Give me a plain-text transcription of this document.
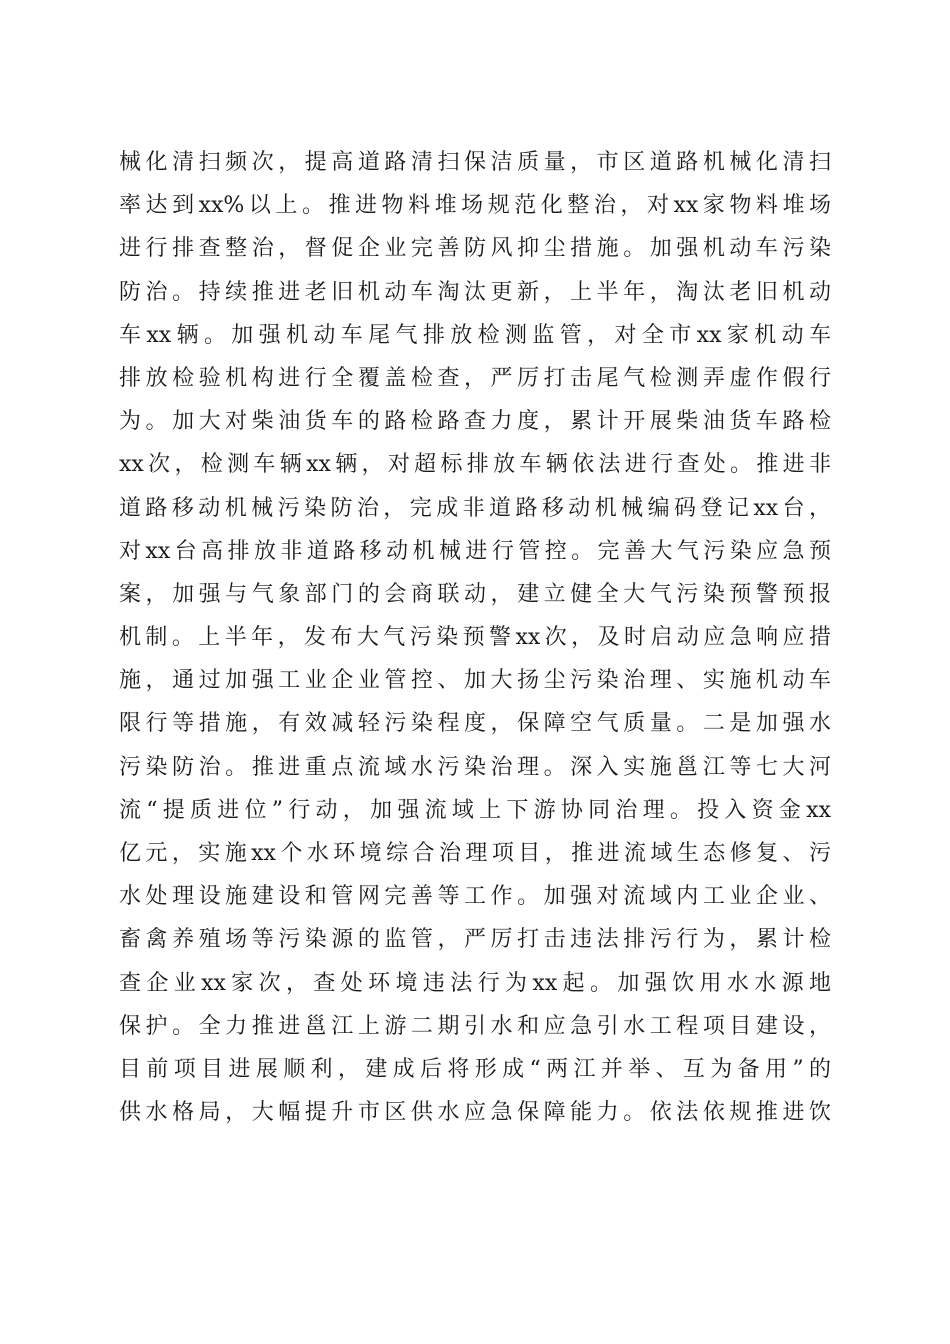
械化清扫频次，提高道路清扫保洁质量，市区道路机械化清扫
率达到xx%以上。推进物料堆场规范化整治，对xx家物料堆场
进行排查整治，督促企业完善防风抑尘措施。加强机动车污染
防治。持续推进老旧机动车淘汰更新，上半年，淘汰老旧机动
车xx辆。加强机动车尾气排放检测监管，对全市xx家机动车
排放检验机构进行全覆盖检查，严厉打击尾气检测弄虚作假行
为。加大对柴油货车的路检路查力度，累计开展柴油货车路检
xx次，检测车辆xx辆，对超标排放车辆依法进行查处。推进非
道路移动机械污染防治，完成非道路移动机械编码登记xx台，
对xx台高排放非道路移动机械进行管控。完善大气污染应急预
案，加强与气象部门的会商联动，建立健全大气污染预警预报
机制。上半年，发布大气污染预警xx次，及时启动应急响应措
施，通过加强工业企业管控、加大扬尘污染治理、实施机动车
限行等措施，有效减轻污染程度，保障空气质量。二是加强水
污染防治。推进重点流域水污染治理。深入实施邕江等七大河
流“提质进位”行动，加强流域上下游协同治理。投入资金xx
亿元，实施xx个水环境综合治理项目，推进流域生态修复、污
水处理设施建设和管网完善等工作。加强对流域内工业企业、
畜禽养殖场等污染源的监管，严厉打击违法排污行为，累计检
查企业xx家次，查处环境违法行为xx起。加强饮用水水源地
保护。全力推进邕江上游二期引水和应急引水工程项目建设，
目前项目进展顺利，建成后将形成“两江并举、互为备用”的
供水格局，大幅提升市区供水应急保障能力。依法依规推进饮
